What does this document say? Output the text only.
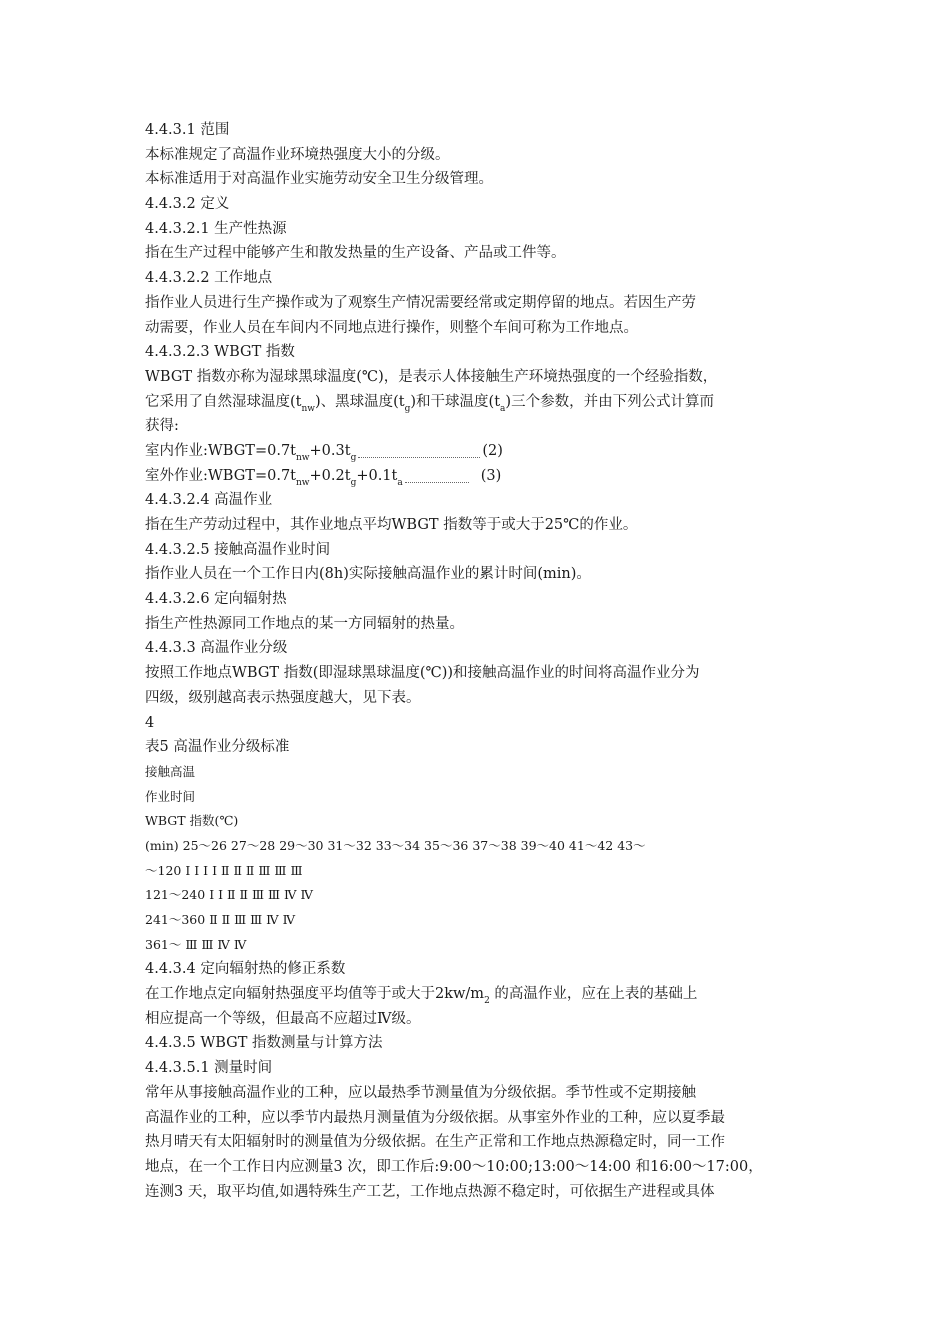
4.4.3.1 范围
本标准规定了高温作业环境热强度大小的分级。
本标准适用于对高温作业实施劳动安全卫生分级管理。
4.4.3.2 定义
4.4.3.2.1 生产性热源
指在生产过程中能够产生和散发热量的生产设备、产品或工件等。
4.4.3.2.2 工作地点
指作业人员进行生产操作或为了观察生产情况需要经常或定期停留的地点。若因生产劳
动需要，作业人员在车间内不同地点进行操作，则整个车间可称为工作地点。
4.4.3.2.3 WBGT 指数
WBGT 指数亦称为湿球黑球温度(℃)，是表示人体接触生产环境热强度的一个经验指数，
它采用了自然湿球温度$(t_{nw})$、黑球温度$(t_g)$和干球温度$(t_a)$三个参数，并由下列公式计算而
获得:
室内作业$:WBGT=0.7t_{nw}+0.3t_g$	(2)
室外作业$:WBGT=0.7t_{nw}+0.2t_g+0.1t_a$	(3)
4.4.3.2.4 高温作业
指在生产劳动过程中，其作业地点平均WBGT 指数等于或大于25℃的作业。
4.4.3.2.5 接触高温作业时间
指作业人员在一个工作日内(8h)实际接触高温作业的累计时间(min)。
4.4.3.2.6 定向辐射热
指生产性热源同工作地点的某一方同辐射的热量。
4.4.3.3 高温作业分级
按照工作地点WBGT 指数(即湿球黑球温度(℃))和接触高温作业的时间将高温作业分为
四级，级别越高表示热强度越大，见下表。
4
表5 高温作业分级标准
接触高温
作业时间
WBGT 指数(℃)
(min) 25～26 27～28 29～30 31～32 33～34 35～36 37～38 39～40 41～42 43～
～120 Ⅰ Ⅰ Ⅰ Ⅰ Ⅱ Ⅱ Ⅱ Ⅲ Ⅲ Ⅲ
121～240 Ⅰ Ⅰ Ⅱ Ⅱ Ⅲ Ⅲ Ⅳ Ⅳ
241～360 Ⅱ Ⅱ Ⅲ Ⅲ Ⅳ Ⅳ
361～ Ⅲ Ⅲ Ⅳ Ⅳ
4.4.3.4 定向辐射热的修正系数
在工作地点定向辐射热强度平均值等于或大于$2kw/m_2$ 的高温作业，应在上表的基础上
相应提高一个等级，但最高不应超过Ⅳ级。
4.4.3.5 WBGT 指数测量与计算方法
4.4.3.5.1 测量时间
常年从事接触高温作业的工种，应以最热季节测量值为分级依据。季节性或不定期接触
高温作业的工种，应以季节内最热月测量值为分级依据。从事室外作业的工种，应以夏季最
热月晴天有太阳辐射时的测量值为分级依据。在生产正常和工作地点热源稳定时，同一工作
地点，在一个工作日内应测量3 次，即工作后:9:00～10:00;13:00～14:00 和16:00～17:00，
连测3 天，取平均值,如遇特殊生产工艺，工作地点热源不稳定时，可依据生产进程或具体
